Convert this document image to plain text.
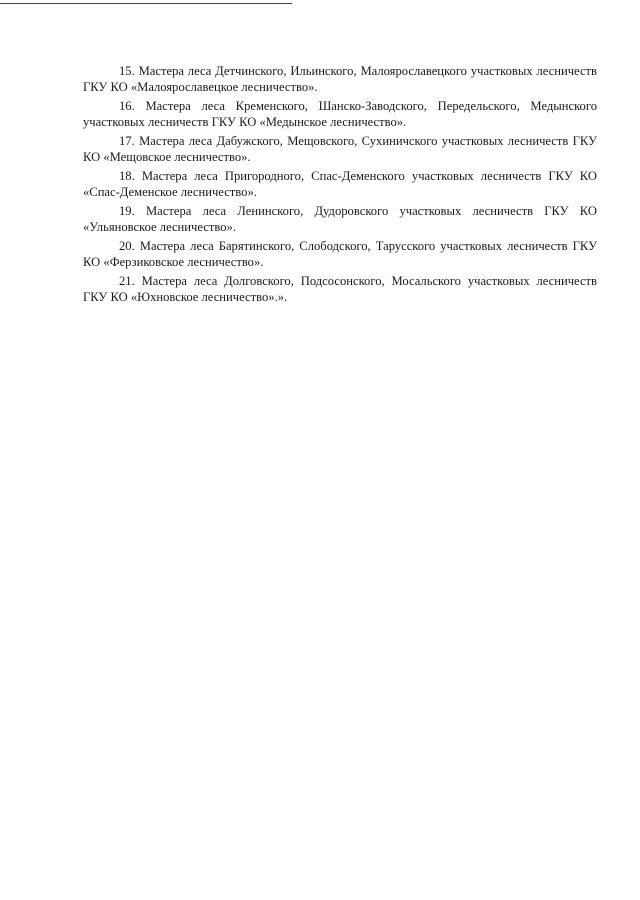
15. Мастера леса Детчинского, Ильинского, Малоярославецкого участковых лесничеств ГКУ КО «Малоярославецкое лесничество».

16. Мастера леса Кременского, Шанско-Заводского, Передельского, Медынского участковых лесничеств ГКУ КО «Медынское лесничество».

17. Мастера леса Дабужского, Мещовского, Сухиничского участковых лесничеств ГКУ КО «Мещовское лесничество».

18. Мастера леса Пригородного, Спас-Деменского участковых лесничеств ГКУ КО «Спас-Деменское лесничество».

19. Мастера леса Ленинского, Дудоровского участковых лесничеств ГКУ КО «Ульяновское лесничество».

20. Мастера леса Барятинского, Слободского, Тарусского участковых лесничеств ГКУ КО «Ферзиковское лесничество».

21. Мастера леса Долговского, Подсосонского, Мосальского участковых лесничеств ГКУ КО «Юхновское лесничество».».
